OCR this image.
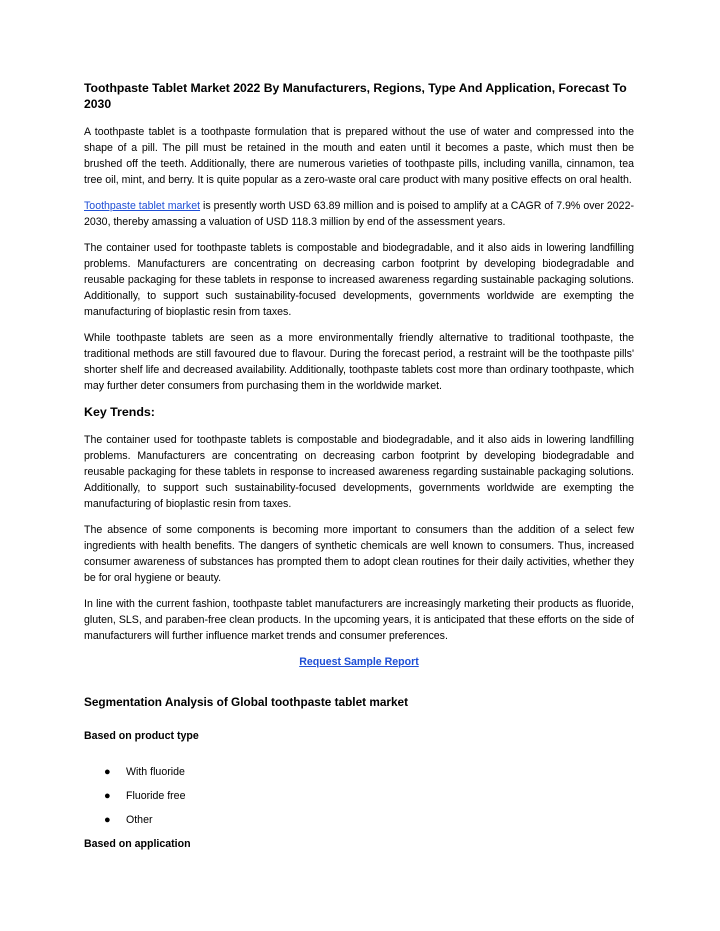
Toothpaste Tablet Market 2022 By Manufacturers, Regions, Type And Application, Forecast To 2030

A toothpaste tablet is a toothpaste formulation that is prepared without the use of water and compressed into the shape of a pill. The pill must be retained in the mouth and eaten until it becomes a paste, which must then be brushed off the teeth. Additionally, there are numerous varieties of toothpaste pills, including vanilla, cinnamon, tea tree oil, mint, and berry. It is quite popular as a zero-waste oral care product with many positive effects on oral health.

Toothpaste tablet market is presently worth USD 63.89 million and is poised to amplify at a CAGR of 7.9% over 2022-2030, thereby amassing a valuation of USD 118.3 million by end of the assessment years.

The container used for toothpaste tablets is compostable and biodegradable, and it also aids in lowering landfilling problems. Manufacturers are concentrating on decreasing carbon footprint by developing biodegradable and reusable packaging for these tablets in response to increased awareness regarding sustainable packaging solutions. Additionally, to support such sustainability-focused developments, governments worldwide are exempting the manufacturing of bioplastic resin from taxes.

While toothpaste tablets are seen as a more environmentally friendly alternative to traditional toothpaste, the traditional methods are still favoured due to flavour. During the forecast period, a restraint will be the toothpaste pills' shorter shelf life and decreased availability. Additionally, toothpaste tablets cost more than ordinary toothpaste, which may further deter consumers from purchasing them in the worldwide market.

Key Trends:

The container used for toothpaste tablets is compostable and biodegradable, and it also aids in lowering landfilling problems. Manufacturers are concentrating on decreasing carbon footprint by developing biodegradable and reusable packaging for these tablets in response to increased awareness regarding sustainable packaging solutions. Additionally, to support such sustainability-focused developments, governments worldwide are exempting the manufacturing of bioplastic resin from taxes.

The absence of some components is becoming more important to consumers than the addition of a select few ingredients with health benefits. The dangers of synthetic chemicals are well known to consumers. Thus, increased consumer awareness of substances has prompted them to adopt clean routines for their daily activities, whether they be for oral hygiene or beauty.

In line with the current fashion, toothpaste tablet manufacturers are increasingly marketing their products as fluoride, gluten, SLS, and paraben-free clean products. In the upcoming years, it is anticipated that these efforts on the side of manufacturers will further influence market trends and consumer preferences.

Request Sample Report
Segmentation Analysis of Global toothpaste tablet market
Based on product type
● With fluoride
● Fluoride free
● Other
Based on application
